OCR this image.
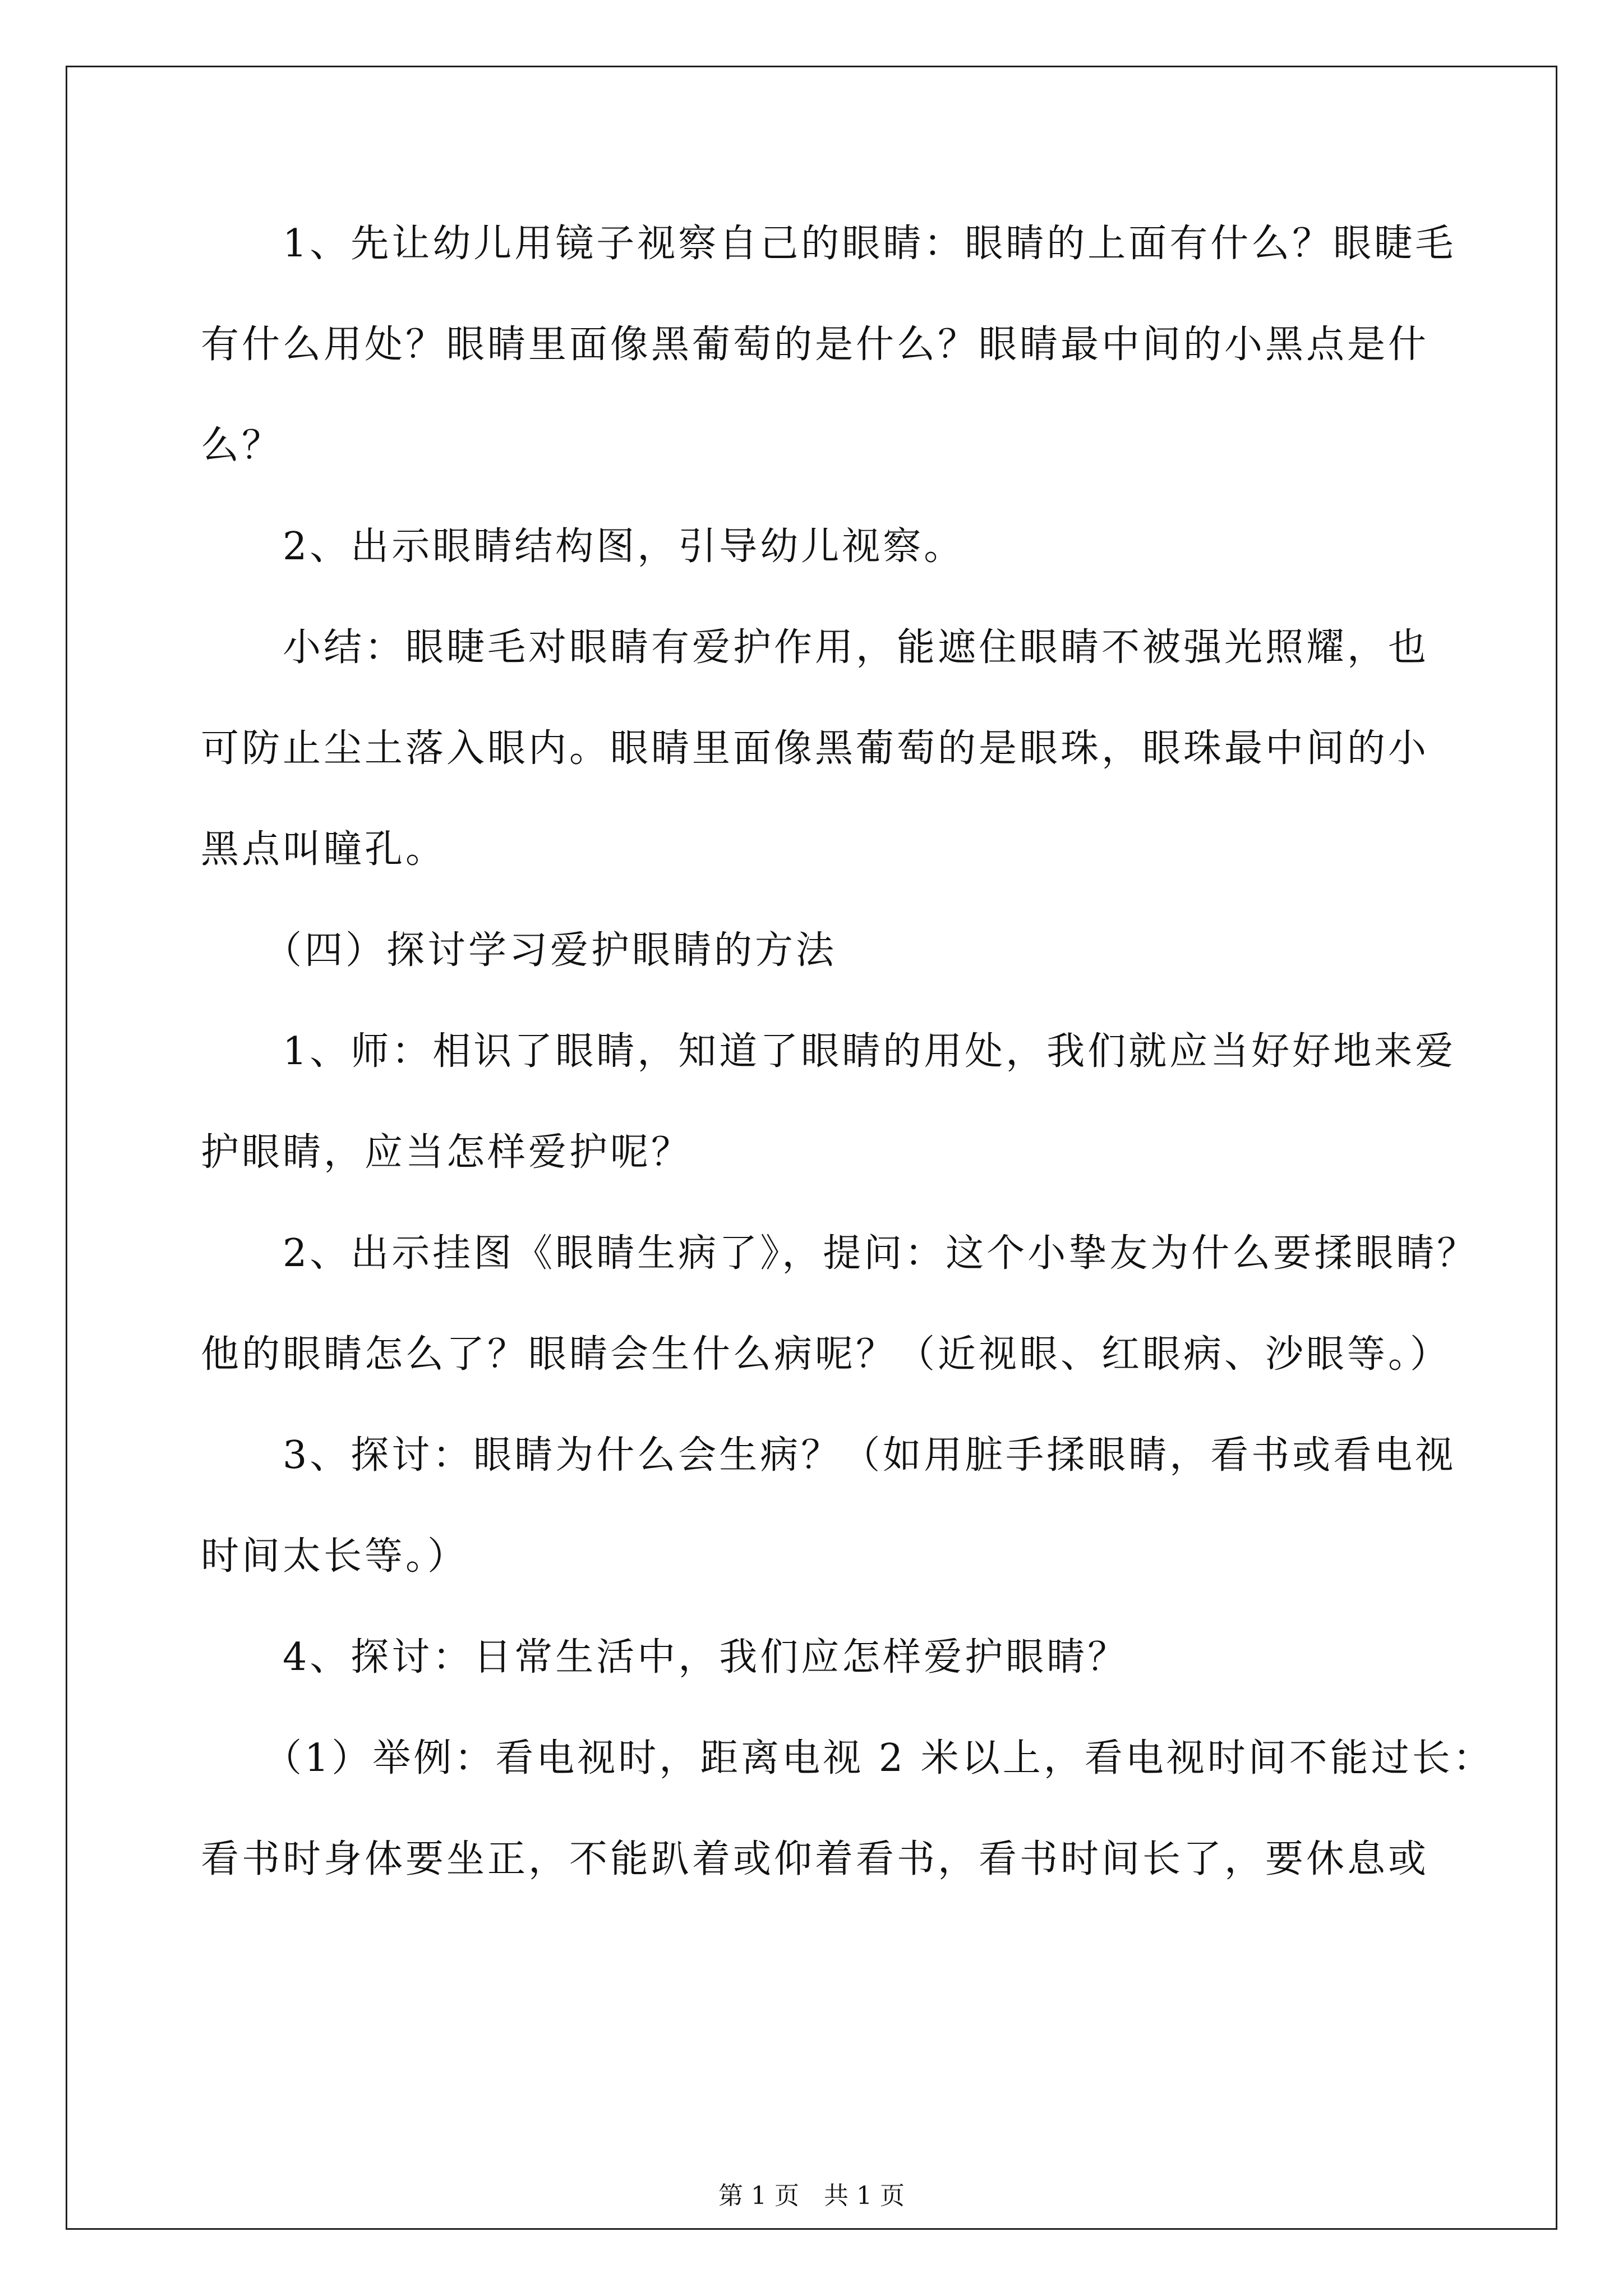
　　1、先让幼儿用镜子视察自己的眼睛：眼睛的上面有什么？眼睫毛
有什么用处？眼睛里面像黑葡萄的是什么？眼睛最中间的小黑点是什
么？
　　2、出示眼睛结构图，引导幼儿视察。
　　小结：眼睫毛对眼睛有爱护作用，能遮住眼睛不被强光照耀，也
可防止尘土落入眼内。眼睛里面像黑葡萄的是眼珠，眼珠最中间的小
黑点叫瞳孔。
　　（四）探讨学习爱护眼睛的方法
　　1、师：相识了眼睛，知道了眼睛的用处，我们就应当好好地来爱
护眼睛，应当怎样爱护呢？
　　2、出示挂图《眼睛生病了》，提问：这个小挚友为什么要揉眼睛？
他的眼睛怎么了？眼睛会生什么病呢？（近视眼、红眼病、沙眼等。）
　　3、探讨：眼睛为什么会生病？（如用脏手揉眼睛，看书或看电视
时间太长等。）
　　4、探讨：日常生活中，我们应怎样爱护眼睛？
　　（1）举例：看电视时，距离电视 2 米以上，看电视时间不能过长：
看书时身体要坐正，不能趴着或仰着看书，看书时间长了，要休息或
第 1 页　共 1 页
